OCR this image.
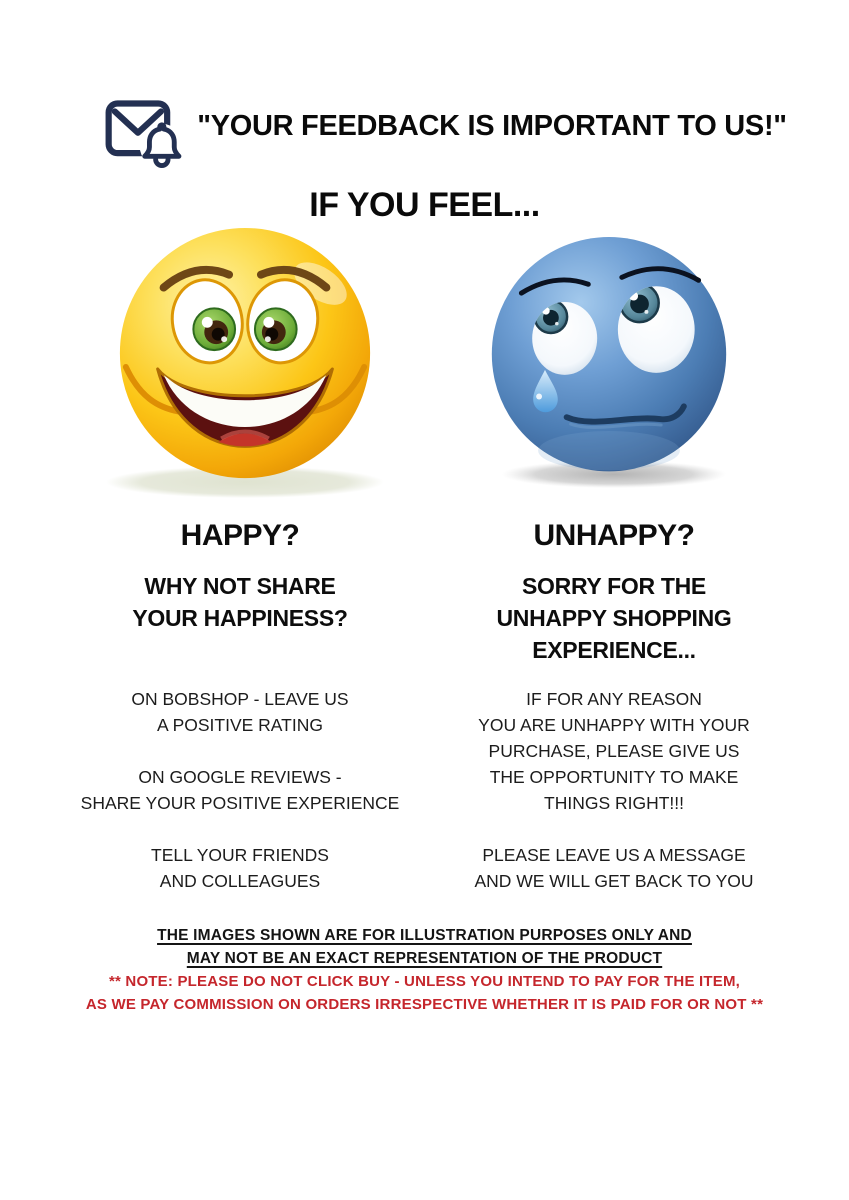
"YOUR FEEDBACK IS IMPORTANT TO US!"
IF YOU FEEL...
HAPPY?
WHY NOT SHARE
YOUR HAPPINESS?

ON BOBSHOP - LEAVE US
A POSITIVE RATING

ON GOOGLE REVIEWS -
SHARE YOUR POSITIVE EXPERIENCE

TELL YOUR FRIENDS
AND COLLEAGUES

UNHAPPY?
SORRY FOR THE
UNHAPPY SHOPPING
EXPERIENCE...

IF FOR ANY REASON
YOU ARE UNHAPPY WITH YOUR
PURCHASE, PLEASE GIVE US
THE OPPORTUNITY TO MAKE
THINGS RIGHT!!!

PLEASE LEAVE US A MESSAGE
AND WE WILL GET BACK TO YOU

THE IMAGES SHOWN ARE FOR ILLUSTRATION PURPOSES ONLY AND
MAY NOT BE AN EXACT REPRESENTATION OF THE PRODUCT
** NOTE: PLEASE DO NOT CLICK BUY - UNLESS YOU INTEND TO PAY FOR THE ITEM,
AS WE PAY COMMISSION ON ORDERS IRRESPECTIVE WHETHER IT IS PAID FOR OR NOT **
